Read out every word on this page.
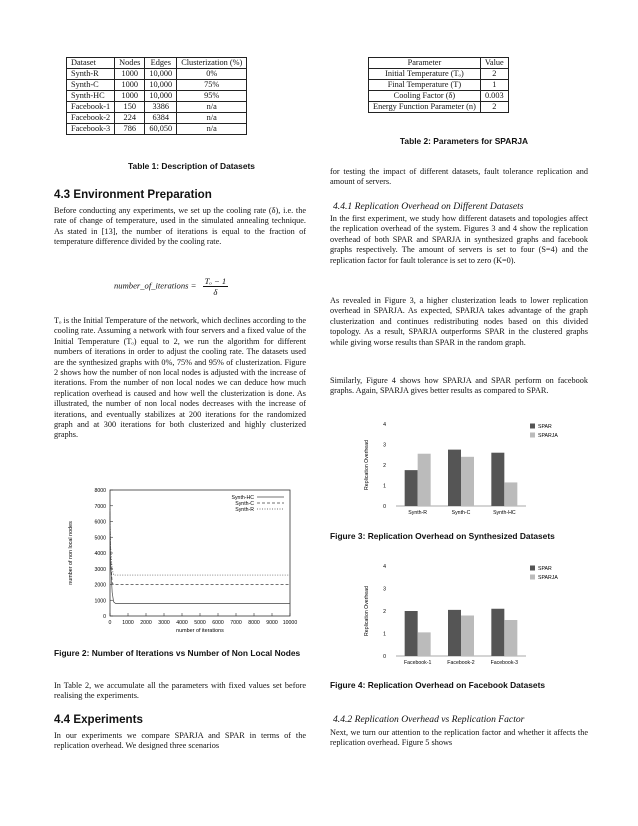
Dataset	Nodes	Edges	Clusterization (%)
Synth-R	1000	10,000	0%
Synth-C	1000	10,000	75%
Synth-HC	1000	10,000	95%
Facebook-1	150	3386	n/a
Facebook-2	224	6384	n/a
Facebook-3	786	60,050	n/a
Table 1: Description of Datasets
4.3 Environment Preparation
Before conducting any experiments, we set up the cooling rate (δ), i.e. the rate of change of temperature, used in the simulated annealing technique. As stated in [13], the number of iterations is equal to the fraction of temperature difference divided by the cooling rate.
number_of_iterations = $\frac{\text{Tₒ − 1}}{\delta}$
Tₒ is the Initial Temperature of the network, which declines according to the cooling rate. Assuming a network with four servers and a fixed value of the Initial Temperature (Tₒ) equal to 2, we run the algorithm for different numbers of iterations in order to adjust the cooling rate. The datasets used are the synthesized graphs with 0%, 75% and 95% of clusterization. Figure 2 shows how the number of non local nodes is adjusted with the increase of iterations. From the number of non local nodes we can deduce how much replication overhead is caused and how well the clusterization is done. As illustrated, the number of non local nodes decreases with the increase of iterations, and eventually stabilizes at 200 iterations for the randomized graph and at 300 iterations for both clusterized and highly clusterized graphs.
0
1000
2000
3000
4000
5000
6000
7000
8000
0 1000 2000 3000 4000 5000 6000 7000 8000 9000 10000
number of iterations
number of non local nodes
Synth-HC
Synth-C
Synth-R
Figure 2: Number of Iterations vs Number of Non Local Nodes
In Table 2, we accumulate all the parameters with fixed values set before realising the experiments.
4.4 Experiments
In our experiments we compare SPARJA and SPAR in terms of the replication overhead. We designed three scenarios
Parameter	Value
Initial Temperature (Tₒ)	2
Final Temperature (T)	1
Cooling Factor (δ)	0.003
Energy Function Parameter (n)	2
Table 2: Parameters for SPARJA
for testing the impact of different datasets, fault tolerance replication and amount of servers.
4.4.1 Replication Overhead on Different Datasets
In the first experiment, we study how different datasets and topologies affect the replication overhead of the system. Figures 3 and 4 show the replication overhead of both SPAR and SPARJA in synthesized graphs and facebook graphs respectively. The amount of servers is set to four (S=4) and the replication factor for fault tolerance is set to zero (K=0).
As revealed in Figure 3, a higher clusterization leads to lower replication overhead in SPARJA. As expected, SPARJA takes advantage of the graph clusterization and continues redistributing nodes based on this divided topology. As a result, SPARJA outperforms SPAR in the clustered graphs while giving worse results than SPAR in the random graph.
Similarly, Figure 4 shows how SPARJA and SPAR perform on facebook graphs. Again, SPARJA gives better results as compared to SPAR.
0
1
2
3
4
Replication Overhead
Synth-R	Synth-C	Synth-HC
SPAR
SPARJA
Figure 3: Replication Overhead on Synthesized Datasets
0
1
2
3
4
Replication Overhead
Facebook-1	Facebook-2	Facebook-3
SPAR
SPARJA
Figure 4: Replication Overhead on Facebook Datasets
4.4.2 Replication Overhead vs Replication Factor
Next, we turn our attention to the replication factor and whether it affects the replication overhead. Figure 5 shows
